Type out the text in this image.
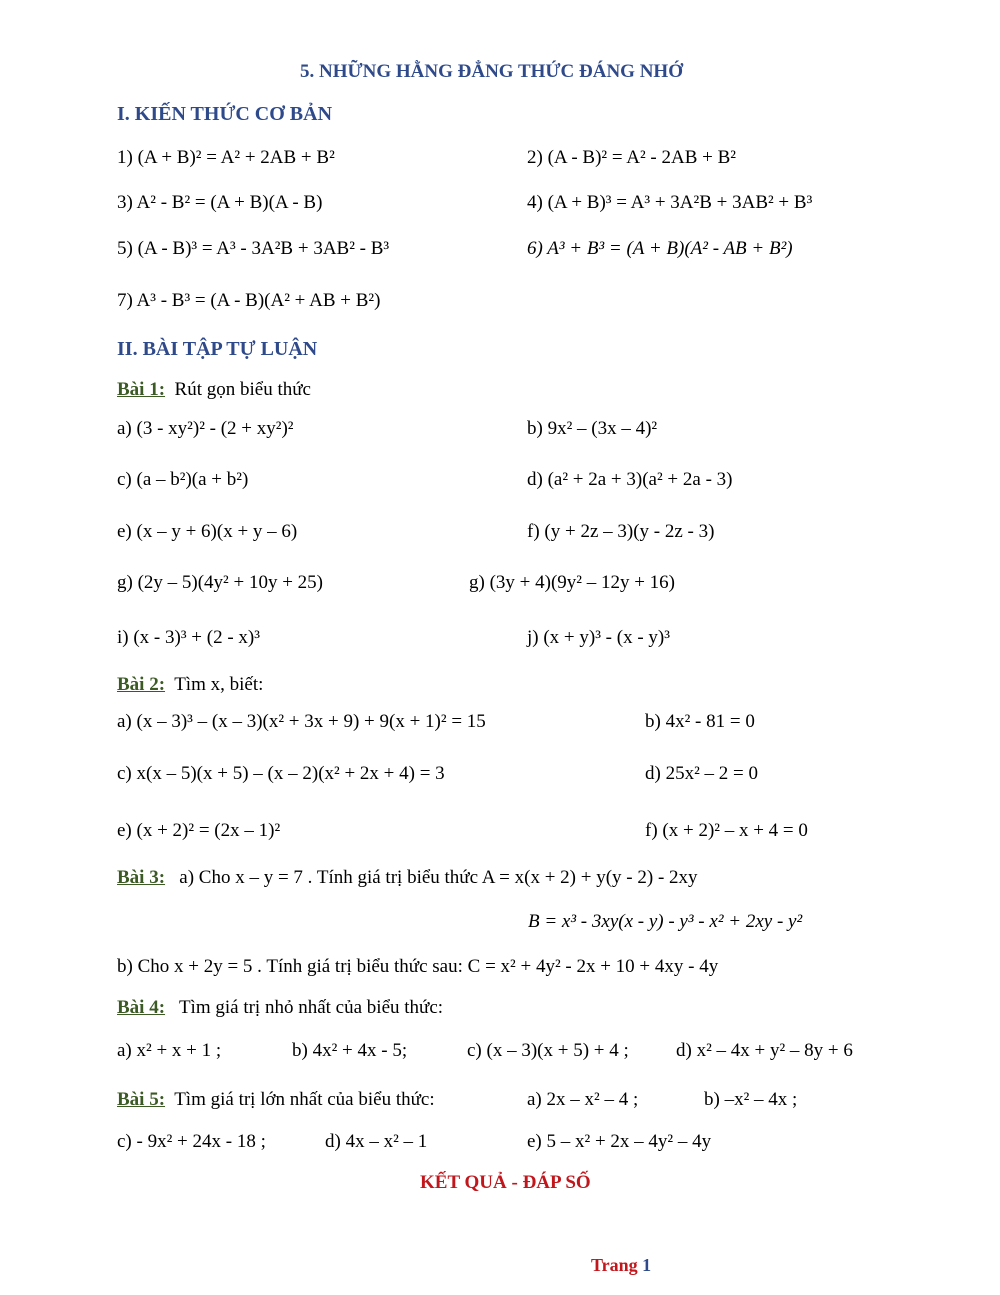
5. NHỮNG HẰNG ĐẲNG THỨC ĐÁNG NHỚ
I. KIẾN THỨC CƠ BẢN
1) (A + B)² = A² + 2AB + B²	2) (A - B)² = A² - 2AB + B²
3) A² - B² = (A + B)(A - B)	4) (A + B)³ = A³ + 3A²B + 3AB² + B³
5) (A - B)³ = A³ - 3A²B + 3AB² - B³	6) A³ + B³ = (A + B)(A² - AB + B²)
7) A³ - B³ = (A - B)(A² + AB + B²)
II. BÀI TẬP TỰ LUẬN
Bài 1: Rút gọn biểu thức
a) (3 - xy²)² - (2 + xy²)²	b) 9x² – (3x – 4)²
c) (a – b²)(a + b²)	d) (a² + 2a + 3)(a² + 2a - 3)
e) (x – y + 6)(x + y – 6)	f) (y + 2z – 3)(y - 2z - 3)
g) (2y – 5)(4y² + 10y + 25)	g) (3y + 4)(9y² – 12y + 16)
i) (x - 3)³ + (2 - x)³	j) (x + y)³ - (x - y)³
Bài 2: Tìm x, biết:
a) (x – 3)³ – (x – 3)(x² + 3x + 9) + 9(x + 1)² = 15	b) 4x² - 81 = 0
c) x(x – 5)(x + 5) – (x – 2)(x² + 2x + 4) = 3	d) 25x² – 2 = 0
e) (x + 2)² = (2x – 1)²	f) (x + 2)² – x + 4 = 0
Bài 3: a) Cho x – y = 7 . Tính giá trị biểu thức A = x(x + 2) + y(y - 2) - 2xy
B = x³ - 3xy(x - y) - y³ - x² + 2xy - y²
b) Cho x + 2y = 5 . Tính giá trị biểu thức sau: C = x² + 4y² - 2x + 10 + 4xy - 4y
Bài 4: Tìm giá trị nhỏ nhất của biểu thức:
a) x² + x + 1 ;	b) 4x² + 4x - 5;	c) (x – 3)(x + 5) + 4 ; d) x² – 4x + y² – 8y + 6
Bài 5: Tìm giá trị lớn nhất của biểu thức:	a) 2x – x² – 4 ;	b) –x² – 4x ;
c) - 9x² + 24x - 18 ;	d) 4x – x² – 1	e) 5 – x² + 2x – 4y² – 4y
KẾT QUẢ - ĐÁP SỐ
Trang 1
